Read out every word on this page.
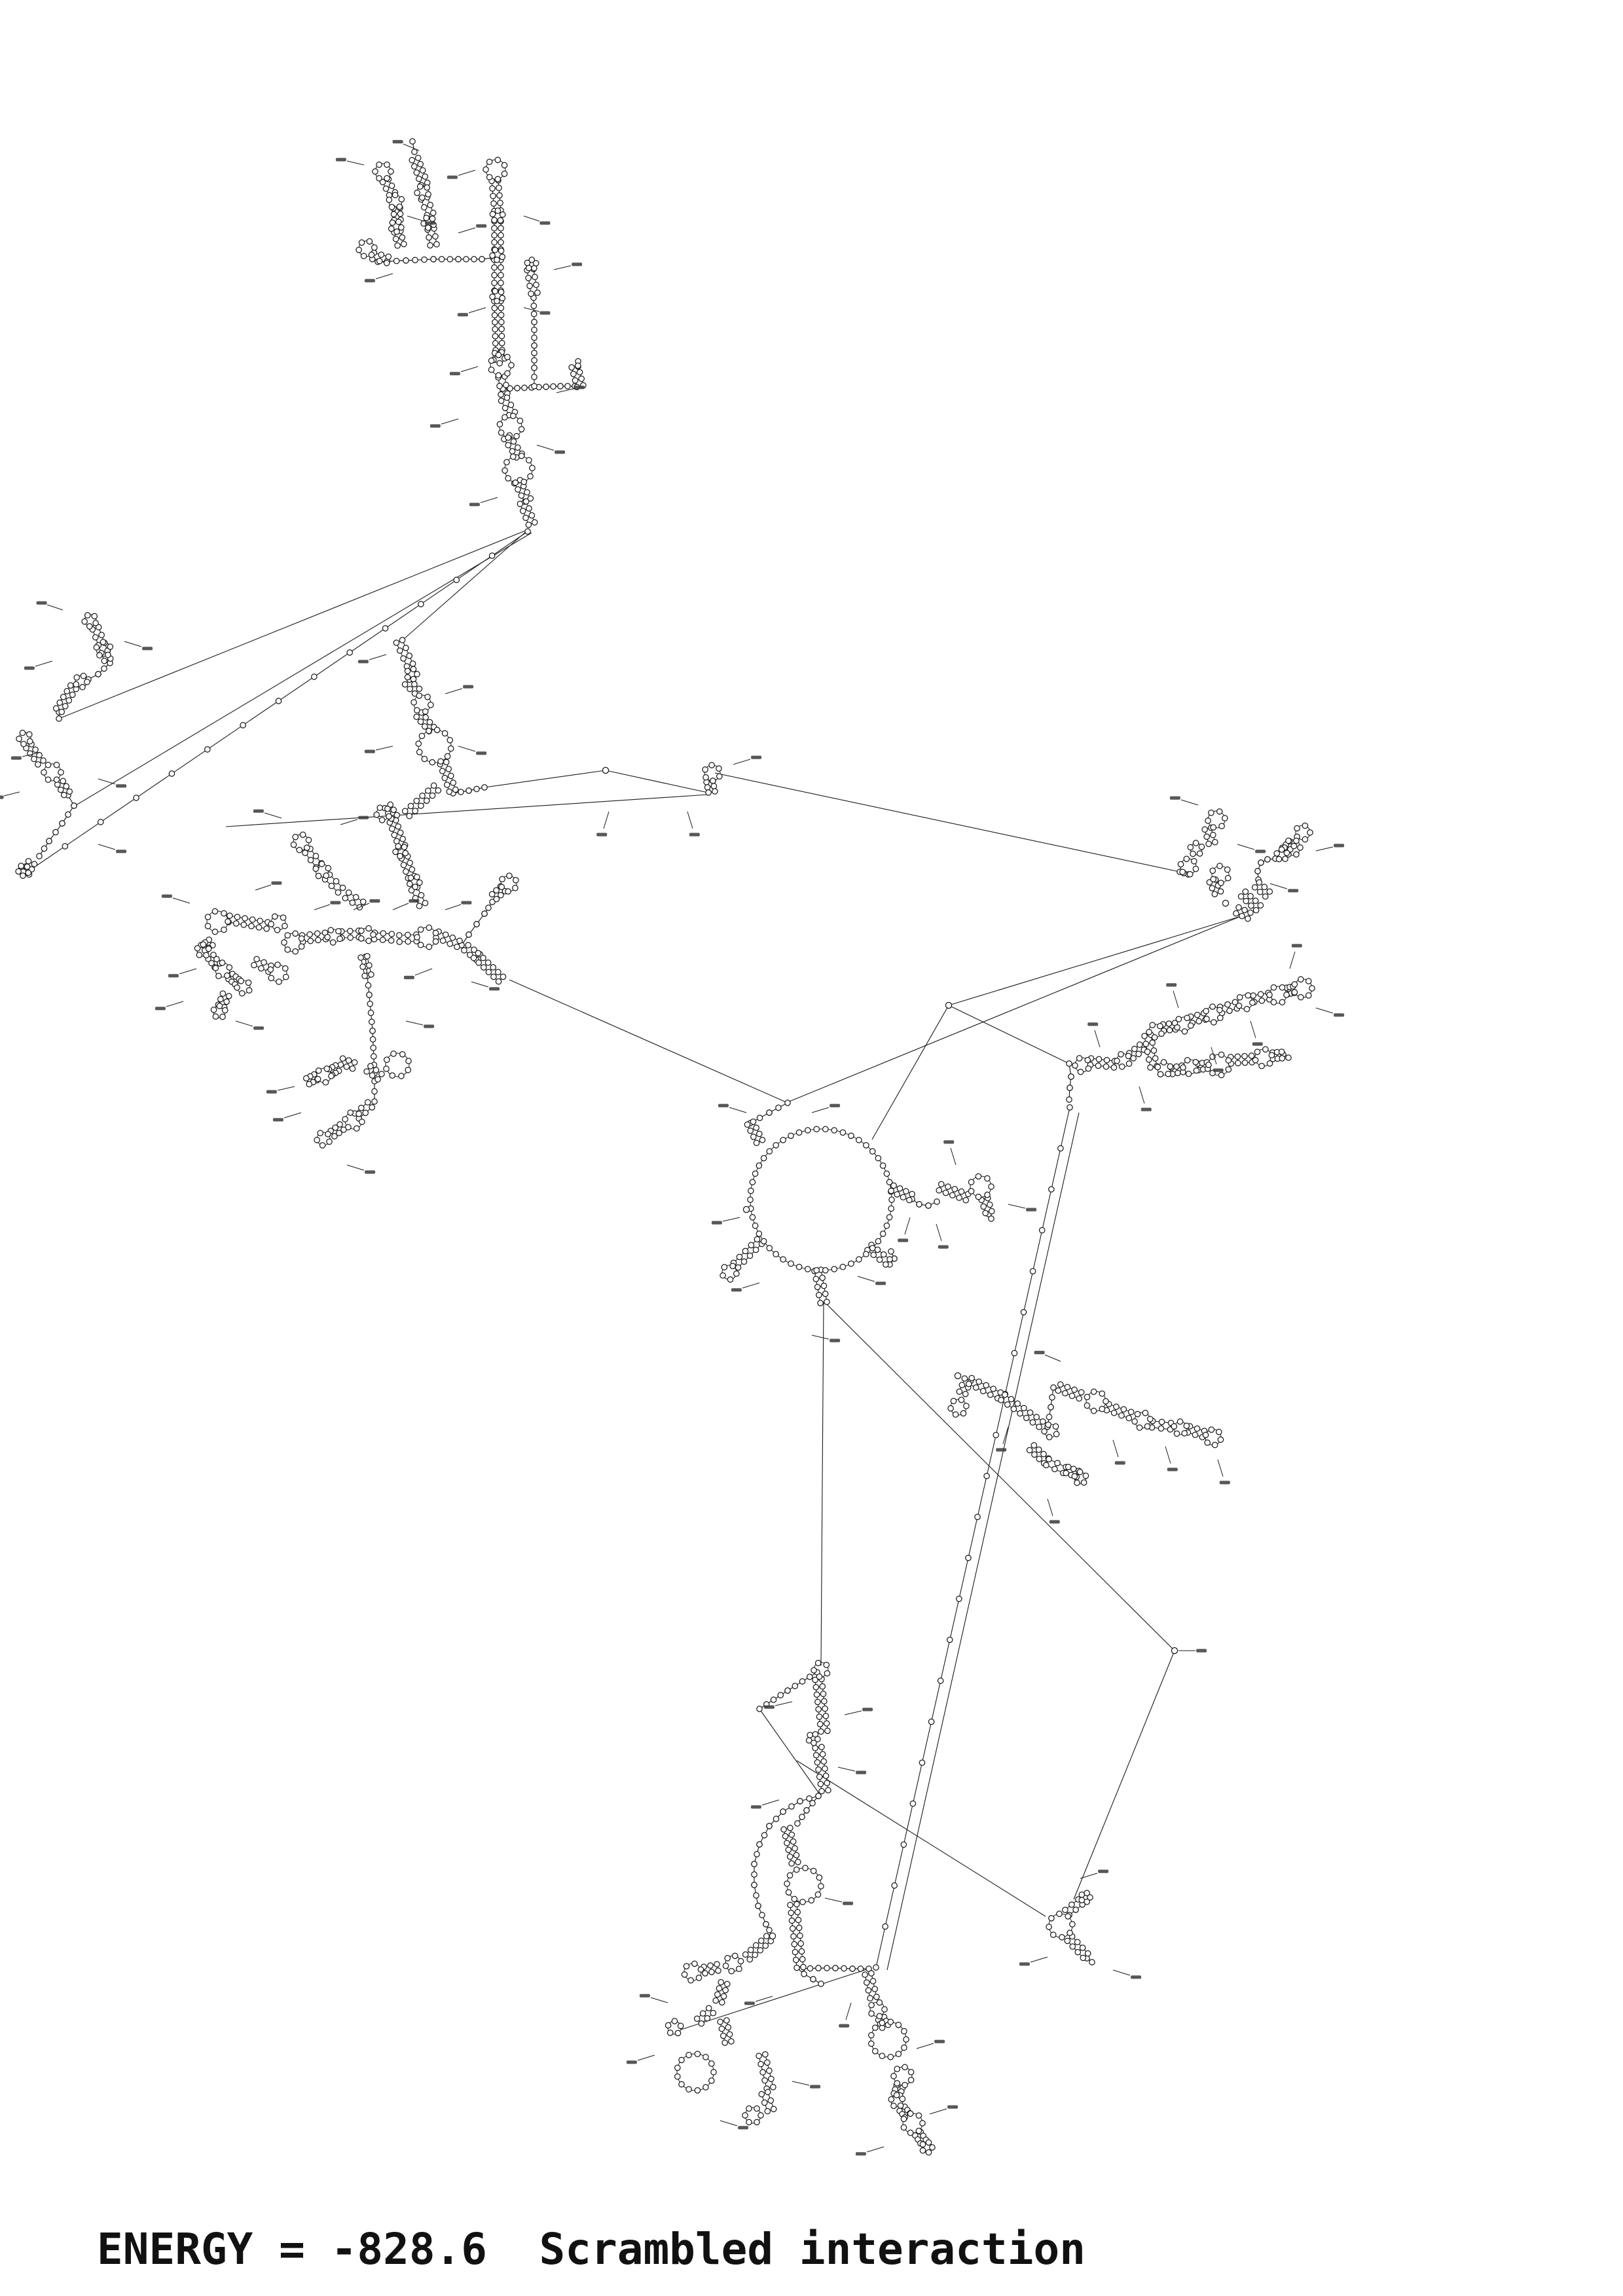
ENERGY = -828.6  Scrambled interaction
